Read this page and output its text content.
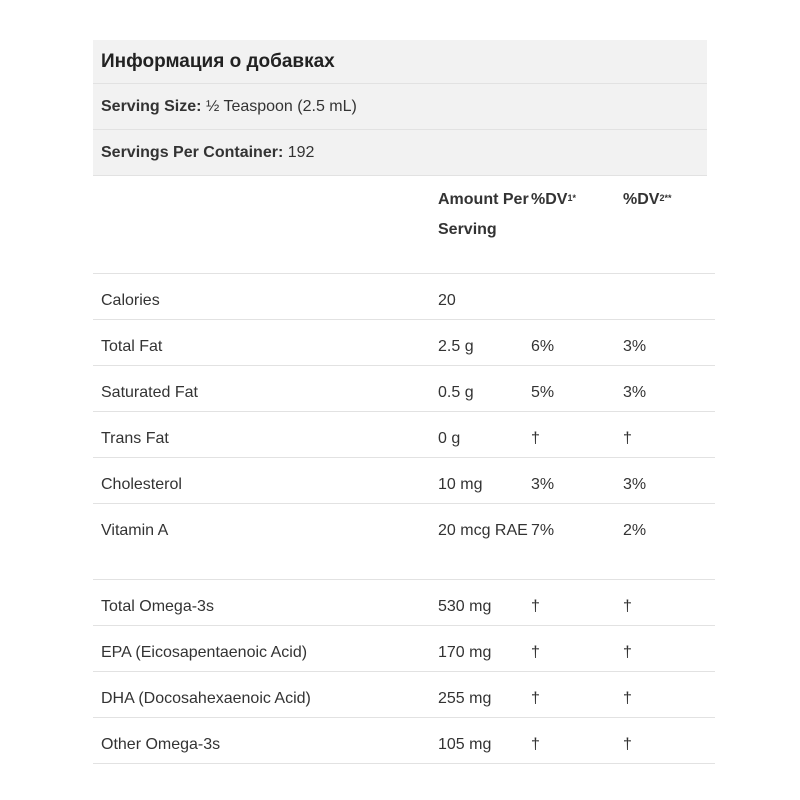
Информация о добавках
Serving Size:
½ Teaspoon (2.5 mL)
Servings Per Container:
192
	Amount Per Serving	$\%DV^{1*}$	$\%DV^{2**}$
Calories	20		
Total Fat	2.5 g	6%	3%
Saturated Fat	0.5 g	5%	3%
Trans Fat	0 g	†	†
Cholesterol	10 mg	3%	3%
Vitamin A	20 mcg RAE	7%	2%
Total Omega-3s	530 mg	†	†
EPA (Eicosapentaenoic Acid)	170 mg	†	†
DHA (Docosahexaenoic Acid)	255 mg	†	†
Other Omega-3s	105 mg	†	†
